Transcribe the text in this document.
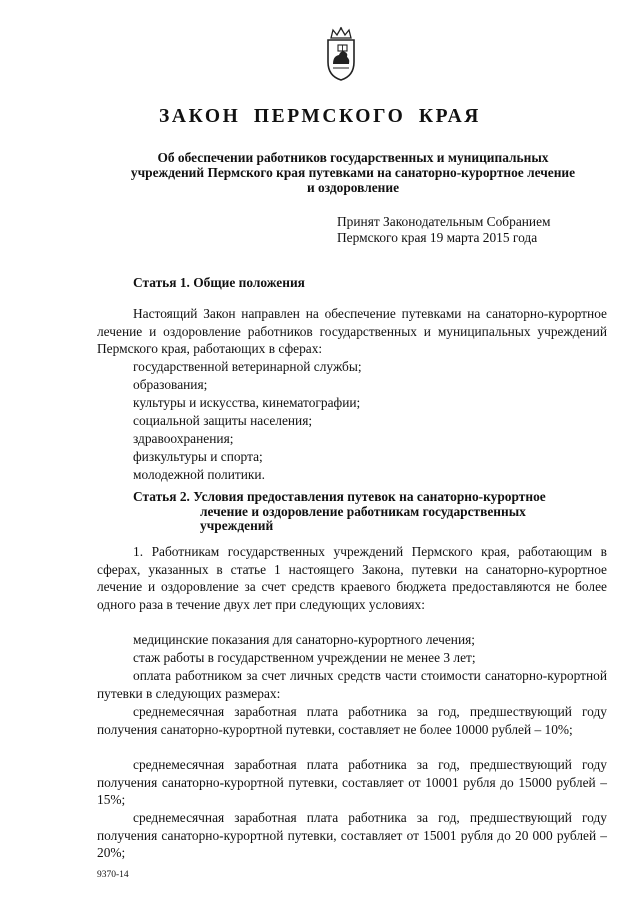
ЗАКОН ПЕРМСКОГО КРАЯ
Об обеспечении работников государственных и муниципальных
учреждений Пермского края путевками на санаторно-курортное лечение
и оздоровление
Принят Законодательным Собранием
Пермского края 19 марта 2015 года
Статья 1. Общие положения
Настоящий Закон направлен на обеспечение путевками на санаторно-курортное лечение и оздоровление работников государственных и муниципальных учреждений Пермского края, работающих в сферах:
государственной ветеринарной службы;
образования;
культуры и искусства, кинематографии;
социальной защиты населения;
здравоохранения;
физкультуры и спорта;
молодежной политики.
Статья 2. Условия предоставления путевок на санаторно-курортное
лечение и оздоровление работникам государственных
учреждений
1. Работникам государственных учреждений Пермского края, работающим в сферах, указанных в статье 1 настоящего Закона, путевки на санаторно-курортное лечение и оздоровление за счет средств краевого бюджета предоставляются не более одного раза в течение двух лет при следующих условиях:
медицинские показания для санаторно-курортного лечения;
стаж работы в государственном учреждении не менее 3 лет;
оплата работником за счет личных средств части стоимости санаторно-курортной путевки в следующих размерах:
среднемесячная заработная плата работника за год, предшествующий году получения санаторно-курортной путевки, составляет не более 10000 рублей – 10%;
среднемесячная заработная плата работника за год, предшествующий году получения санаторно-курортной путевки, составляет от 10001 рубля до 15000 рублей – 15%;
среднемесячная заработная плата работника за год, предшествующий году получения санаторно-курортной путевки, составляет от 15001 рубля до 20 000 рублей – 20%;
9370-14
